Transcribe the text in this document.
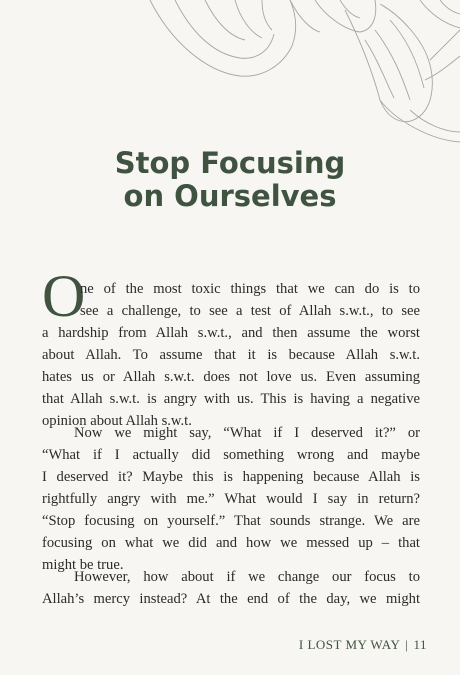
Stop Focusing
on Ourselves
O
ne of the most toxic things that we can do is to
see a challenge, to see a test of Allah s.w.t., to see
a hardship from Allah s.w.t., and then assume the worst
about Allah. To assume that it is because Allah s.w.t.
hates us or Allah s.w.t. does not love us. Even assuming
that Allah s.w.t. is angry with us. This is having a negative
opinion about Allah s.w.t.
Now we might say, “What if I deserved it?” or
“What if I actually did something wrong and maybe
I deserved it? Maybe this is happening because Allah is
rightfully angry with me.” What would I say in return?
“Stop focusing on yourself.” That sounds strange. We are
focusing on what we did and how we messed up – that
might be true.
However, how about if we change our focus to
Allah’s mercy instead? At the end of the day, we might
I LOST MY WAY | 11
